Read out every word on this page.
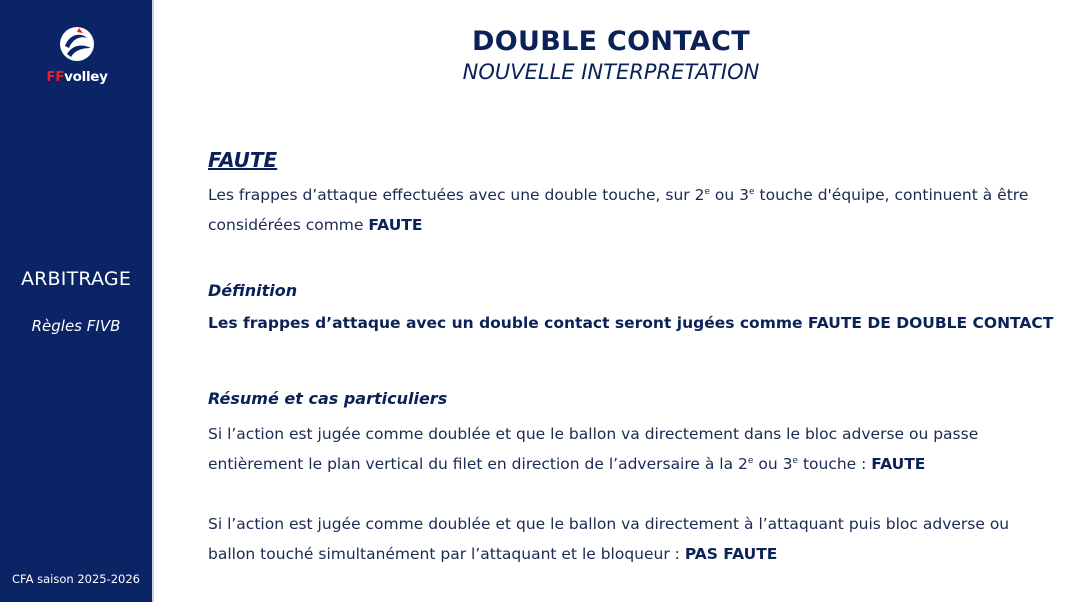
FFvolley
ARBITRAGE
Règles FIVB
CFA saison 2025-2026
DOUBLE CONTACT
NOUVELLE INTERPRETATION
FAUTE
Les frappes d’attaque effectuées avec une double touche, sur 2e ou 3e touche d'équipe, continuent à être considérées comme FAUTE
Définition
Les frappes d’attaque avec un double contact seront jugées comme FAUTE DE DOUBLE CONTACT
Résumé et cas particuliers
Si l’action est jugée comme doublée et que le ballon va directement dans le bloc adverse ou passe entièrement le plan vertical du filet en direction de l’adversaire à la 2e ou 3e touche : FAUTE
Si l’action est jugée comme doublée et que le ballon va directement à l’attaquant puis bloc adverse ou ballon touché simultanément par l’attaquant et le bloqueur : PAS FAUTE
